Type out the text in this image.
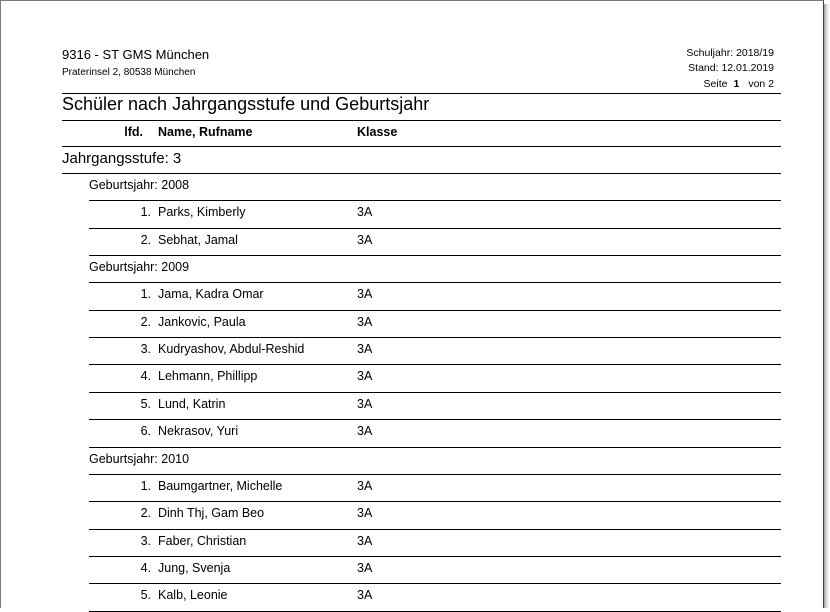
9316 - ST GMS München
Praterinsel 2, 80538 München
Schuljahr: 2018/19
Stand: 12.01.2019
Seite 1 von 2
Schüler nach Jahrgangsstufe und Geburtsjahr
lfd. Name, Rufname	Klasse
Jahrgangsstufe: 3
Geburtsjahr: 2008
1. Parks, Kimberly	3A
2. Sebhat, Jamal	3A
Geburtsjahr: 2009
1. Jama, Kadra Omar	3A
2. Jankovic, Paula	3A
3. Kudryashov, Abdul-Reshid	3A
4. Lehmann, Phillipp	3A
5. Lund, Katrin	3A
6. Nekrasov, Yuri	3A
Geburtsjahr: 2010
1. Baumgartner, Michelle	3A
2. Dinh Thj, Gam Beo	3A
3. Faber, Christian	3A
4. Jung, Svenja	3A
5. Kalb, Leonie	3A
